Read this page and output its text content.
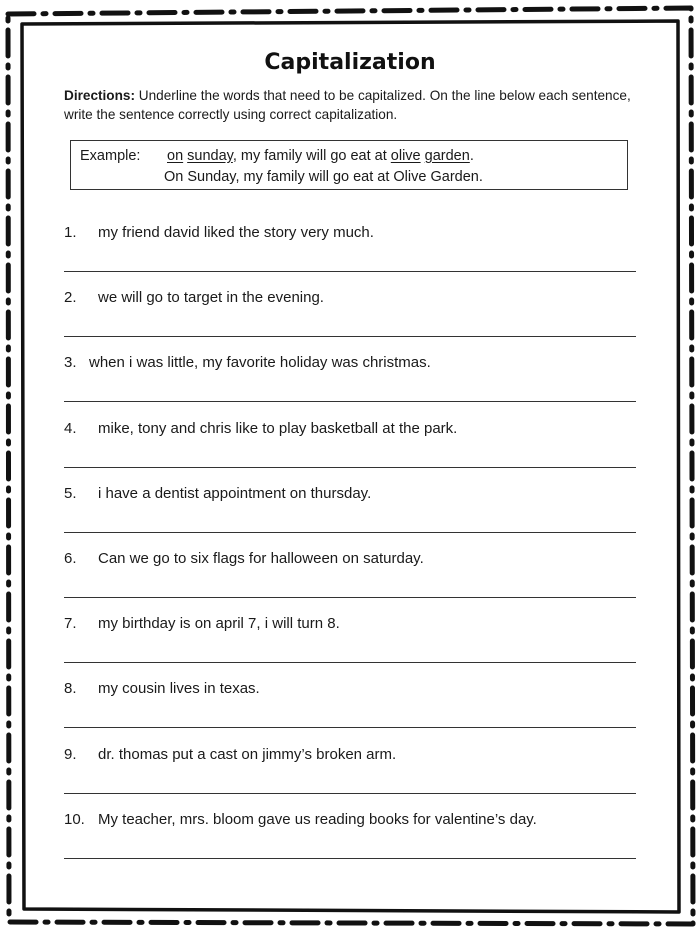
Capitalization
Directions: Underline the words that need to be capitalized. On the line below each sentence, write the sentence correctly using correct capitalization.
Example: on sunday, my family will go eat at olive garden.
On Sunday, my family will go eat at Olive Garden.
1. my friend david liked the story very much.
2. we will go to target in the evening.
3. when i was little, my favorite holiday was christmas.
4. mike, tony and chris like to play basketball at the park.
5. i have a dentist appointment on thursday.
6. Can we go to six flags for halloween on saturday.
7. my birthday is on april 7, i will turn 8.
8. my cousin lives in texas.
9. dr. thomas put a cast on jimmy’s broken arm.
10. My teacher, mrs. bloom gave us reading books for valentine’s day.
